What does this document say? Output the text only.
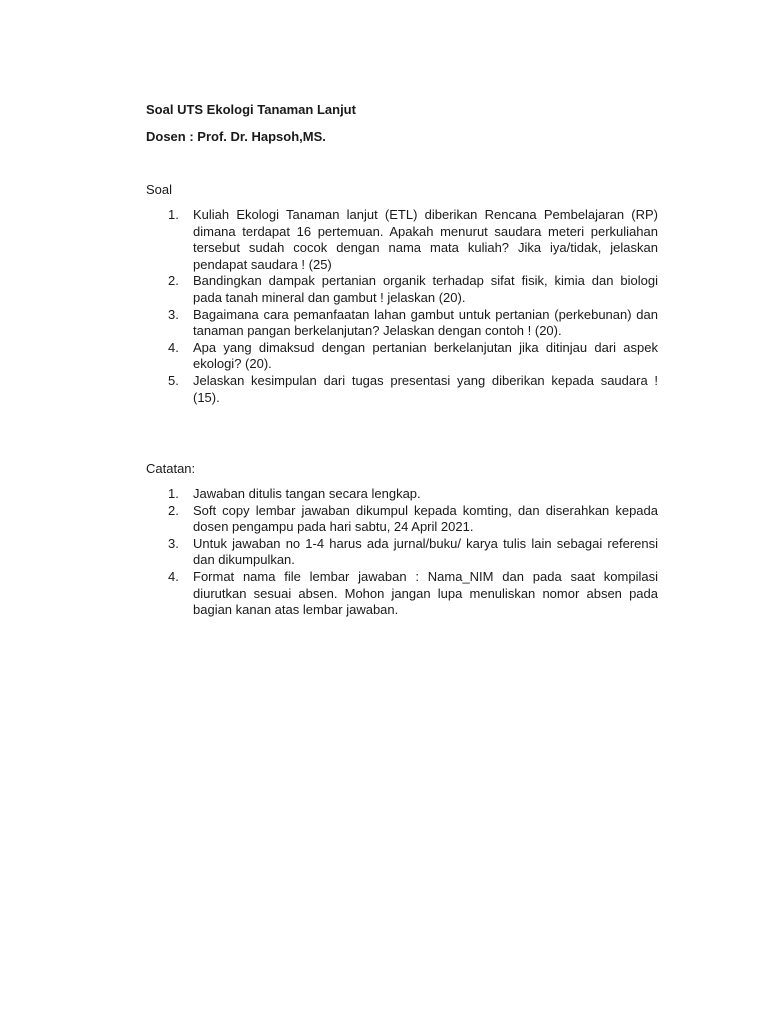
Soal UTS Ekologi Tanaman Lanjut
Dosen : Prof. Dr. Hapsoh,MS.
Soal
1.	Kuliah Ekologi Tanaman lanjut (ETL) diberikan Rencana Pembelajaran (RP) dimana terdapat 16 pertemuan. Apakah menurut saudara meteri perkuliahan tersebut sudah cocok dengan nama mata kuliah? Jika iya/tidak, jelaskan pendapat saudara ! (25)
2.	Bandingkan dampak pertanian organik terhadap sifat fisik, kimia dan biologi pada tanah mineral dan gambut ! jelaskan (20).
3.	Bagaimana cara pemanfaatan lahan gambut untuk pertanian (perkebunan) dan tanaman pangan berkelanjutan? Jelaskan dengan contoh ! (20).
4.	Apa yang dimaksud dengan pertanian berkelanjutan jika ditinjau dari aspek ekologi? (20).
5.	Jelaskan kesimpulan dari tugas presentasi yang diberikan kepada saudara ! (15).
Catatan:
1.	Jawaban ditulis tangan secara lengkap.
2.	Soft copy lembar jawaban dikumpul kepada komting, dan diserahkan kepada dosen pengampu pada hari sabtu, 24 April 2021.
3.	Untuk jawaban no 1-4 harus ada jurnal/buku/ karya tulis lain sebagai referensi dan dikumpulkan.
4.	Format nama file lembar jawaban : Nama_NIM dan pada saat kompilasi diurutkan sesuai absen. Mohon jangan lupa menuliskan nomor absen pada bagian kanan atas lembar jawaban.
